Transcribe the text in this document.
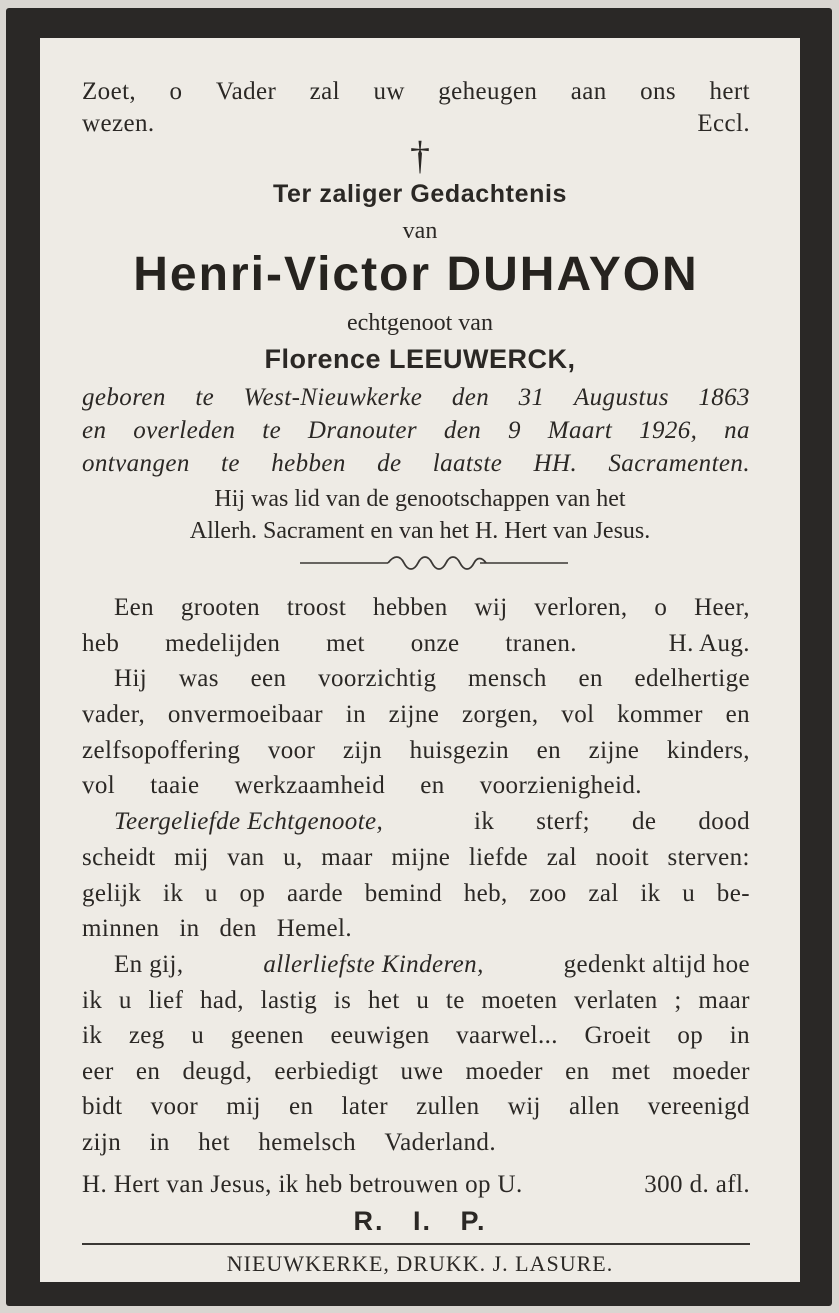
Zoet, o Vader zal uw geheugen aan ons hert
wezen.	Eccl.
†
Ter zaliger Gedachtenis
van
Henri-Victor DUHAYON
echtgenoot van
Florence LEEUWERCK,
geboren te West-Nieuwkerke den 31 Augustus 1863
en overleden te Dranouter den 9 Maart 1926, na
ontvangen te hebben de laatste HH. Sacramenten.
Hij was lid van de genootschappen van het
Allerh. Sacrament en van het H. Hert van Jesus.
Een grooten troost hebben wij verloren, o Heer,
heb medelijden met onze tranen.	H. Aug.
Hij was een voorzichtig mensch en edelhertige
vader, onvermoeibaar in zijne zorgen, vol kommer en
zelfsopoffering voor zijn huisgezin en zijne kinders,
vol taaie werkzaamheid en voorzienigheid.
Teergeliefde Echtgenoote,	ik sterf; de dood
scheidt mij van u, maar mijne liefde zal nooit sterven:
gelijk ik u op aarde bemind heb, zoo zal ik u be-
minnen in den Hemel.
En gij,	allerliefste Kinderen,	gedenkt altijd hoe
ik u lief had, lastig is het u te moeten verlaten ; maar
ik zeg u geenen eeuwigen vaarwel... Groeit op in
eer en deugd, eerbiedigt uwe moeder en met moeder
bidt voor mij en later zullen wij allen vereenigd
zijn in het hemelsch Vaderland.
H. Hert van Jesus, ik heb betrouwen op U.	300 d. afl.
R.   I.   P.
NIEUWKERKE, DRUKK. J. LASURE.
